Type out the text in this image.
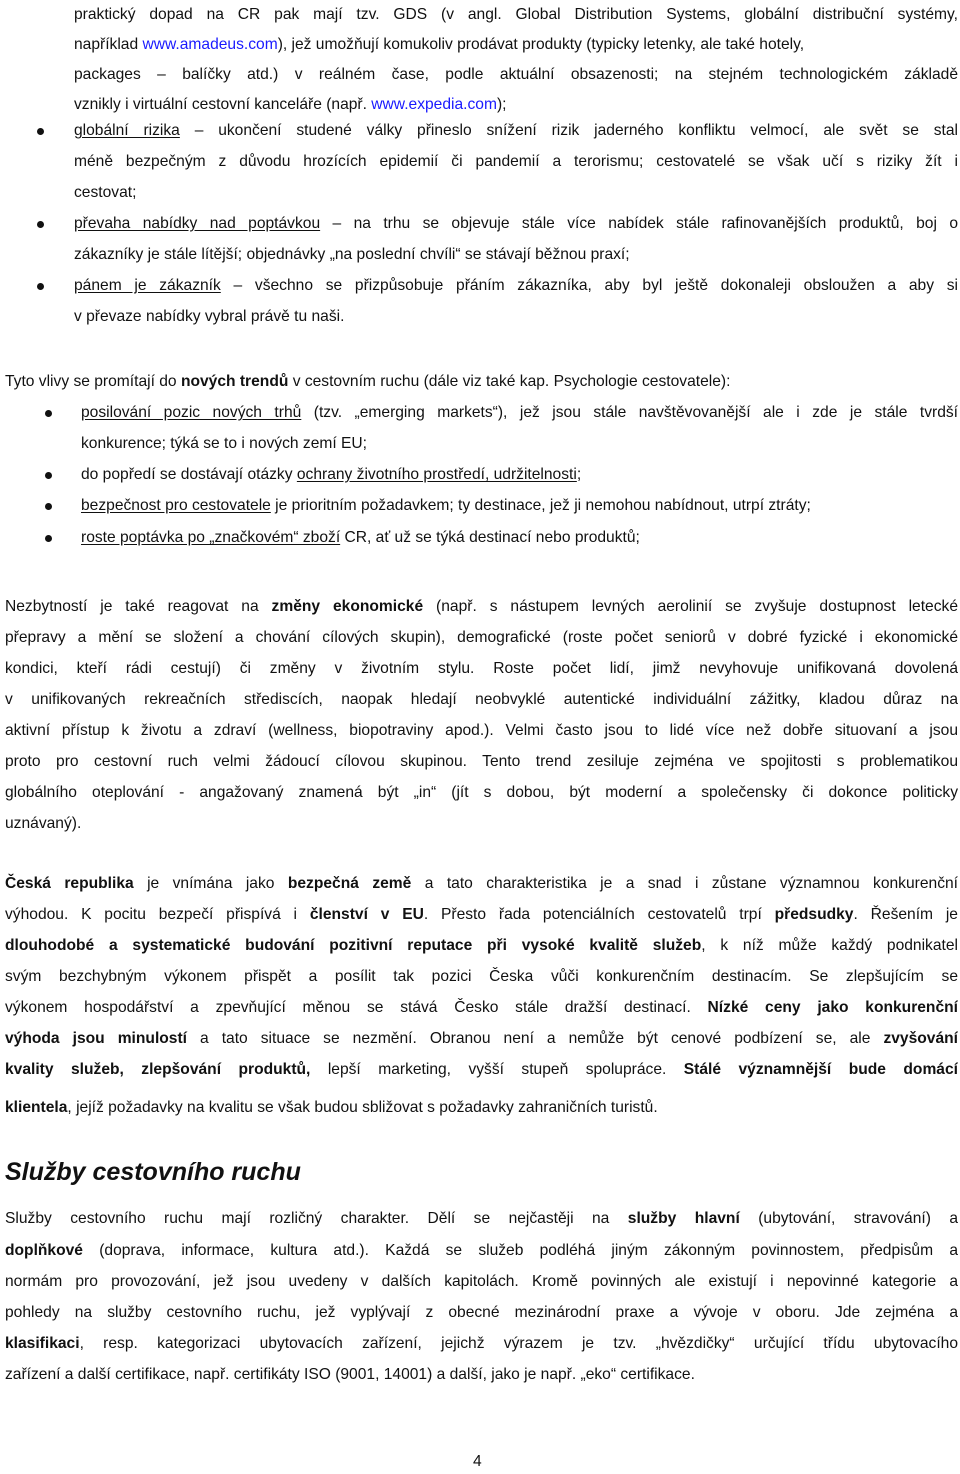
praktický dopad na CR pak mají tzv. GDS (v angl. Global Distribution Systems, globální distribuční systémy,
například www.amadeus.com), jež umožňují komukoliv prodávat produkty (typicky letenky, ale také hotely,
packages – balíčky atd.) v reálném čase, podle aktuální obsazenosti; na stejném technologickém základě
vznikly i virtuální cestovní kanceláře (např. www.expedia.com);
globální rizika – ukončení studené války přineslo snížení rizik jaderného konfliktu velmocí, ale svět se stal
méně bezpečným z důvodu hrozících epidemií či pandemií a terorismu; cestovatelé se však učí s riziky žít i
cestovat;
převaha nabídky nad poptávkou – na trhu se objevuje stále více nabídek stále rafinovanějších produktů, boj o
zákazníky je stále lítější; objednávky „na poslední chvíli“ se stávají běžnou praxí;
pánem je zákazník – všechno se přizpůsobuje přáním zákazníka, aby byl ještě dokonaleji obsloužen a aby si
v převaze nabídky vybral právě tu naši.
Tyto vlivy se promítají do nových trendů v cestovním ruchu (dále viz také kap. Psychologie cestovatele):
posilování pozic nových trhů (tzv. „emerging markets“), jež jsou stále navštěvovanější ale i zde je stále tvrdší
konkurence; týká se to i nových zemí EU;
do popředí se dostávají otázky ochrany životního prostředí, udržitelnosti;
bezpečnost pro cestovatele je prioritním požadavkem; ty destinace, jež ji nemohou nabídnout, utrpí ztráty;
roste poptávka po „značkovém“ zboží CR, ať už se týká destinací nebo produktů;
Nezbytností je také reagovat na změny ekonomické (např. s nástupem levných aerolinií se zvyšuje dostupnost letecké
přepravy a mění se složení a chování cílových skupin), demografické (roste počet seniorů v dobré fyzické i ekonomické
kondici, kteří rádi cestují) či změny v životním stylu. Roste počet lidí, jimž nevyhovuje unifikovaná dovolená
v unifikovaných rekreačních střediscích, naopak hledají neobvyklé autentické individuální zážitky, kladou důraz na
aktivní přístup k životu a zdraví (wellness, biopotraviny apod.). Velmi často jsou to lidé více než dobře situovaní a jsou
proto pro cestovní ruch velmi žádoucí cílovou skupinou. Tento trend zesiluje zejména ve spojitosti s problematikou
globálního oteplování - angažovaný znamená být „in“ (jít s dobou, být moderní a společensky či dokonce politicky
uznávaný).
Česká republika je vnímána jako bezpečná země a tato charakteristika je a snad i zůstane významnou konkurenční
výhodou. K pocitu bezpečí přispívá i členství v EU. Přesto řada potenciálních cestovatelů trpí předsudky. Řešením je
dlouhodobé a systematické budování pozitivní reputace při vysoké kvalitě služeb, k níž může každý podnikatel
svým bezchybným výkonem přispět a posílit tak pozici Česka vůči konkurenčním destinacím. Se zlepšujícím se
výkonem hospodářství a zpevňující měnou se stává Česko stále dražší destinací. Nízké ceny jako konkurenční
výhoda jsou minulostí a tato situace se nezmění. Obranou není a nemůže být cenové podbízení se, ale zvyšování
kvality služeb, zlepšování produktů, lepší marketing, vyšší stupeň spolupráce. Stálé významnější bude domácí
klientela, jejíž požadavky na kvalitu se však budou sbližovat s požadavky zahraničních turistů.
Služby cestovního ruchu
Služby cestovního ruchu mají rozličný charakter. Dělí se nejčastěji na služby hlavní (ubytování, stravování) a
doplňkové (doprava, informace, kultura atd.). Každá se služeb podléhá jiným zákonným povinnostem, předpisům a
normám pro provozování, jež jsou uvedeny v dalších kapitolách. Kromě povinných ale existují i nepovinné kategorie a
pohledy na služby cestovního ruchu, jež vyplývají z obecné mezinárodní praxe a vývoje v oboru. Jde zejména a
klasifikaci, resp. kategorizaci ubytovacích zařízení, jejichž výrazem je tzv. „hvězdičky“ určující třídu ubytovacího
zařízení a další certifikace, např. certifikáty ISO (9001, 14001) a další, jako je např. „eko“ certifikace.
4
